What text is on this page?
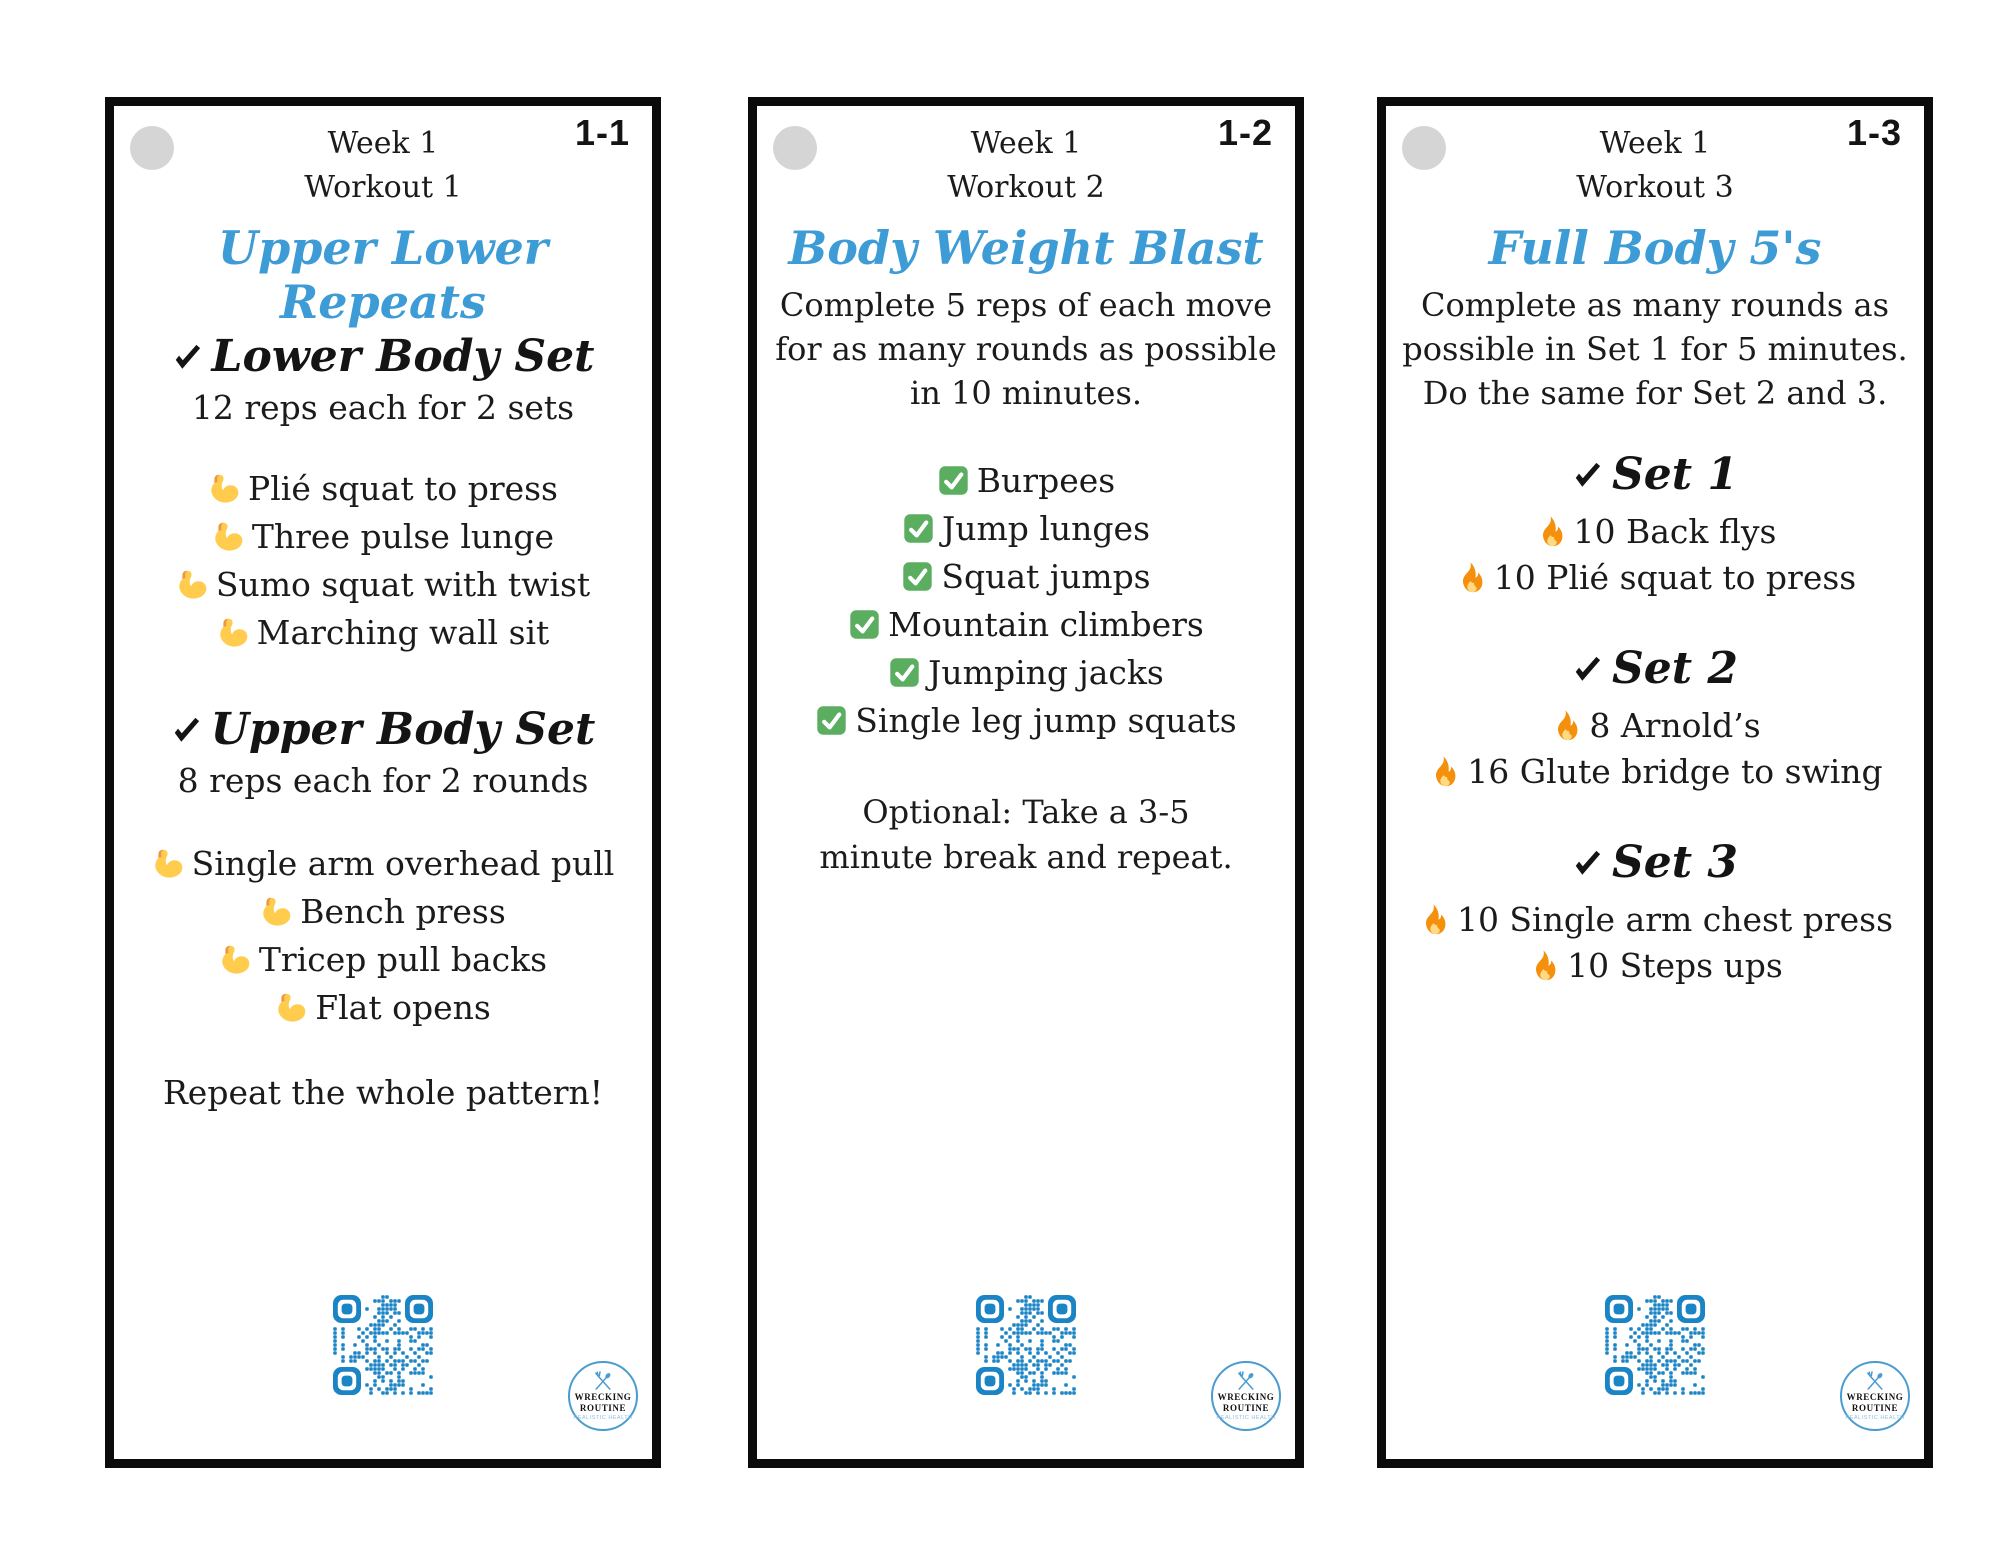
1-1
Week 1
Workout 1
Upper Lower Repeats
Lower Body Set
12 reps each for 2 sets
Plié squat to press
Three pulse lunge
Sumo squat with twist
Marching wall sit
Upper Body Set
8 reps each for 2 rounds
Single arm overhead pull
Bench press
Tricep pull backs
Flat opens
Repeat the whole pattern!
WRECKING
ROUTINE
REALISTIC HEALTH
1-2
Week 1
Workout 2
Body Weight Blast
Complete 5 reps of each move for as many rounds as possible in 10 minutes.
Burpees
Jump lunges
Squat jumps
Mountain climbers
Jumping jacks
Single leg jump squats
Optional: Take a 3-5 minute break and repeat.
WRECKING
ROUTINE
REALISTIC HEALTH
1-3
Week 1
Workout 3
Full Body 5's
Complete as many rounds as possible in Set 1 for 5 minutes. Do the same for Set 2 and 3.
Set 1
10 Back flys
10 Plié squat to press
Set 2
8 Arnold’s
16 Glute bridge to swing
Set 3
10 Single arm chest press
10 Steps ups
WRECKING
ROUTINE
REALISTIC HEALTH
